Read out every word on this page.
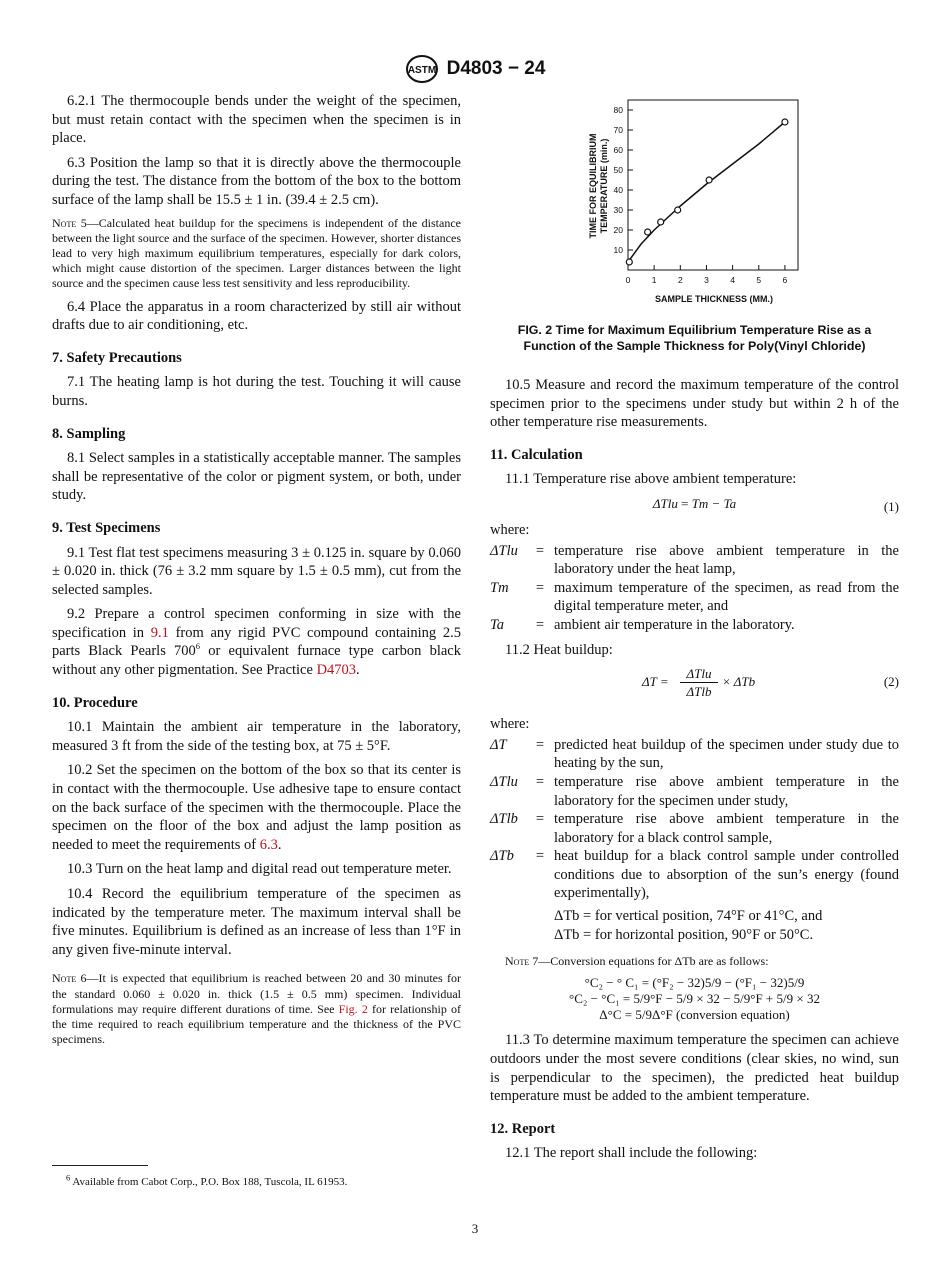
ASTM D4803 − 24

6.2.1 The thermocouple bends under the weight of the specimen, but must retain contact with the specimen when the specimen is in place.

6.3 Position the lamp so that it is directly above the thermocouple during the test. The distance from the bottom of the box to the bottom surface of the lamp shall be 15.5 ± 1 in. (39.4 ± 2.5 cm).

Note 5—Calculated heat buildup for the specimens is independent of the distance between the light source and the surface of the specimen. However, shorter distances lead to very high maximum equilibrium temperatures, especially for dark colors, which might cause distortion of the specimen. Larger distances between the light source and the specimen cause less test sensitivity and less reproducibility.

6.4 Place the apparatus in a room characterized by still air without drafts due to air conditioning, etc.

7. Safety Precautions

7.1 The heating lamp is hot during the test. Touching it will cause burns.

8. Sampling

8.1 Select samples in a statistically acceptable manner. The samples shall be representative of the color or pigment system, or both, under study.

9. Test Specimens

9.1 Test flat test specimens measuring 3 ± 0.125 in. square by 0.060 ± 0.020 in. thick (76 ± 3.2 mm square by 1.5 ± 0.5 mm), cut from the selected samples.

9.2 Prepare a control specimen conforming in size with the specification in 9.1 from any rigid PVC compound containing 2.5 parts Black Pearls $700^6$ or equivalent furnace type carbon black without any other pigmentation. See Practice D4703.

10. Procedure

10.1 Maintain the ambient air temperature in the laboratory, measured 3 ft from the side of the testing box, at 75 ± 5°F.

10.2 Set the specimen on the bottom of the box so that its center is in contact with the thermocouple. Use adhesive tape to ensure contact on the back surface of the specimen with the thermocouple. Place the specimen on the floor of the box and adjust the lamp position as needed to meet the requirements of 6.3.

10.3 Turn on the heat lamp and digital read out temperature meter.

10.4 Record the equilibrium temperature of the specimen as indicated by the temperature meter. The maximum interval shall be five minutes. Equilibrium is defined as an increase of less than 1°F in any given five-minute interval.

Note 6—It is expected that equilibrium is reached between 20 and 30 minutes for the standard 0.060 ± 0.020 in. thick (1.5 ± 0.5 mm) specimen. Individual formulations may require different durations of time. See Fig. 2 for relationship of the time required to reach equilibrium temperature and the thickness of the PVC specimens.
TIME FOR EQUILIBRIUM TEMPERATURE (min.)
10
20
30
40
50
60
70
80
0	1	2	3	4	5	6
SAMPLE THICKNESS (MM.)
FIG. 2 Time for Maximum Equilibrium Temperature Rise as a Function of the Sample Thickness for Poly(Vinyl Chloride)

10.5 Measure and record the maximum temperature of the control specimen prior to the specimens under study but within 2 h of the other temperature rise measurements.

11. Calculation

11.1 Temperature rise above ambient temperature:

ΔTlu = Tm − Ta	(1)

where:

ΔTlu	= temperature rise above ambient temperature in the laboratory under the heat lamp,
Tm	= maximum temperature of the specimen, as read from the digital temperature meter, and
Ta	= ambient air temperature in the laboratory.

11.2 Heat buildup:

ΔT =
ΔTlu
ΔTlb
× ΔTb	(2)

where:

ΔT	= predicted heat buildup of the specimen under study due to heating by the sun,
ΔTlu	= temperature rise above ambient temperature in the laboratory for the specimen under study,
ΔTlb	= temperature rise above ambient temperature in the laboratory for a black control sample,
ΔTb	= heat buildup for a black control sample under controlled conditions due to absorption of the sun’s energy (found experimentally),

ΔTb = for vertical position, 74°F or 41°C, and

ΔTb = for horizontal position, 90°F or 50°C.

Note 7—Conversion equations for ΔTb are as follows:
°C₂ − ° C₁ = (°F₂ − 32)5/9 − (°F₁ − 32)5/9
°C₂ − °C₁ = 5/9°F − 5/9 × 32 − 5/9°F + 5/9 × 32
Δ°C = 5/9Δ°F (conversion equation)

11.3 To determine maximum temperature the specimen can achieve outdoors under the most severe conditions (clear skies, no wind, sun is perpendicular to the specimen), the predicted heat buildup temperature must be added to the ambient temperature.

12. Report

12.1 The report shall include the following:

$^6$ Available from Cabot Corp., P.O. Box 188, Tuscola, IL 61953.
3
